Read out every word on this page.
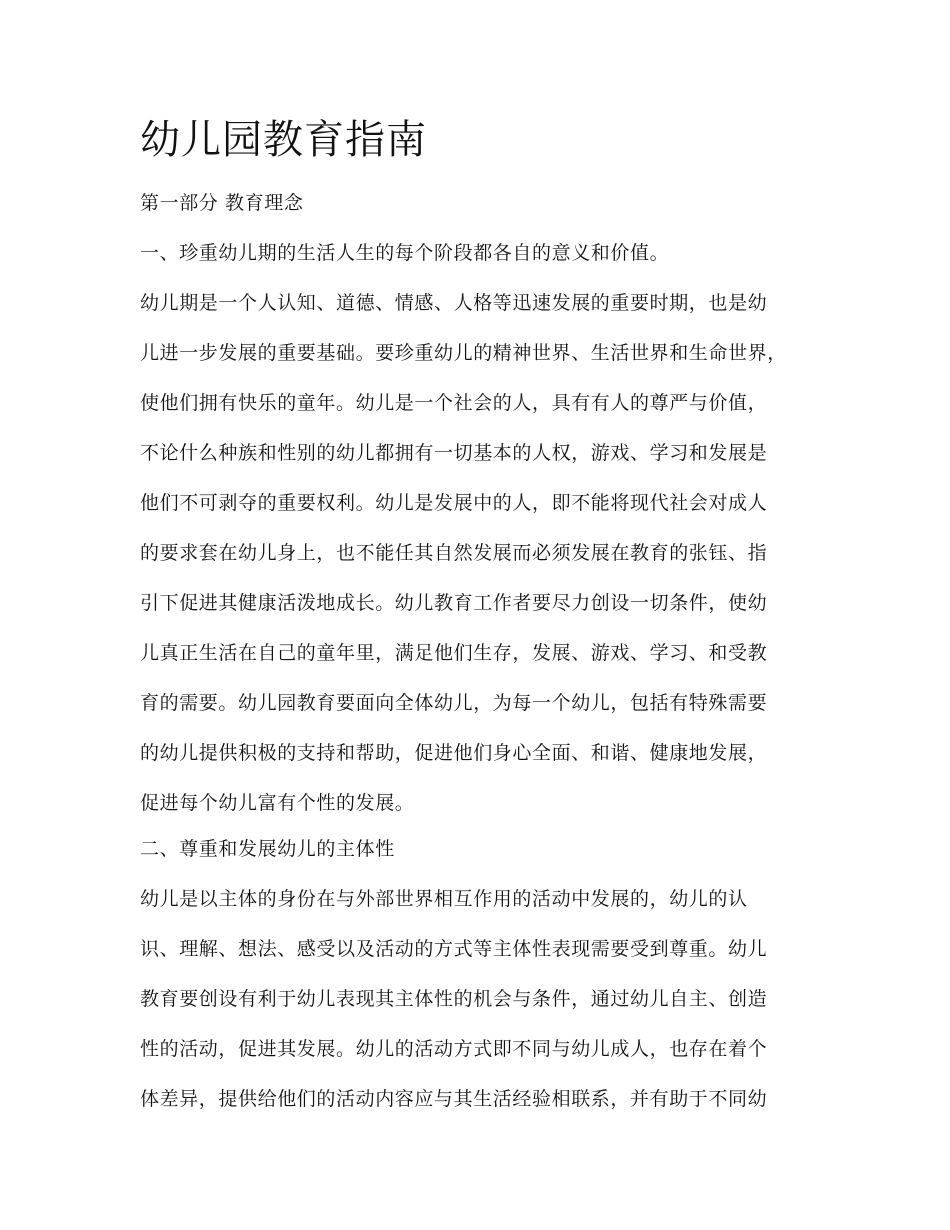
幼儿园教育指南

第一部分 教育理念

一、珍重幼儿期的生活人生的每个阶段都各自的意义和价值。

幼儿期是一个人认知、道德、情感、人格等迅速发展的重要时期，也是幼

儿进一步发展的重要基础。要珍重幼儿的精神世界、生活世界和生命世界，

使他们拥有快乐的童年。幼儿是一个社会的人，具有有人的尊严与价值，

不论什么种族和性别的幼儿都拥有一切基本的人权，游戏、学习和发展是

他们不可剥夺的重要权利。幼儿是发展中的人，即不能将现代社会对成人

的要求套在幼儿身上，也不能任其自然发展而必须发展在教育的张钰、指

引下促进其健康活泼地成长。幼儿教育工作者要尽力创设一切条件，使幼

儿真正生活在自己的童年里，满足他们生存，发展、游戏、学习、和受教

育的需要。幼儿园教育要面向全体幼儿，为每一个幼儿，包括有特殊需要

的幼儿提供积极的支持和帮助，促进他们身心全面、和谐、健康地发展，

促进每个幼儿富有个性的发展。

二、尊重和发展幼儿的主体性

幼儿是以主体的身份在与外部世界相互作用的活动中发展的，幼儿的认

识、理解、想法、感受以及活动的方式等主体性表现需要受到尊重。幼儿

教育要创设有利于幼儿表现其主体性的机会与条件，通过幼儿自主、创造

性的活动，促进其发展。幼儿的活动方式即不同与幼儿成人，也存在着个

体差异，提供给他们的活动内容应与其生活经验相联系，并有助于不同幼
